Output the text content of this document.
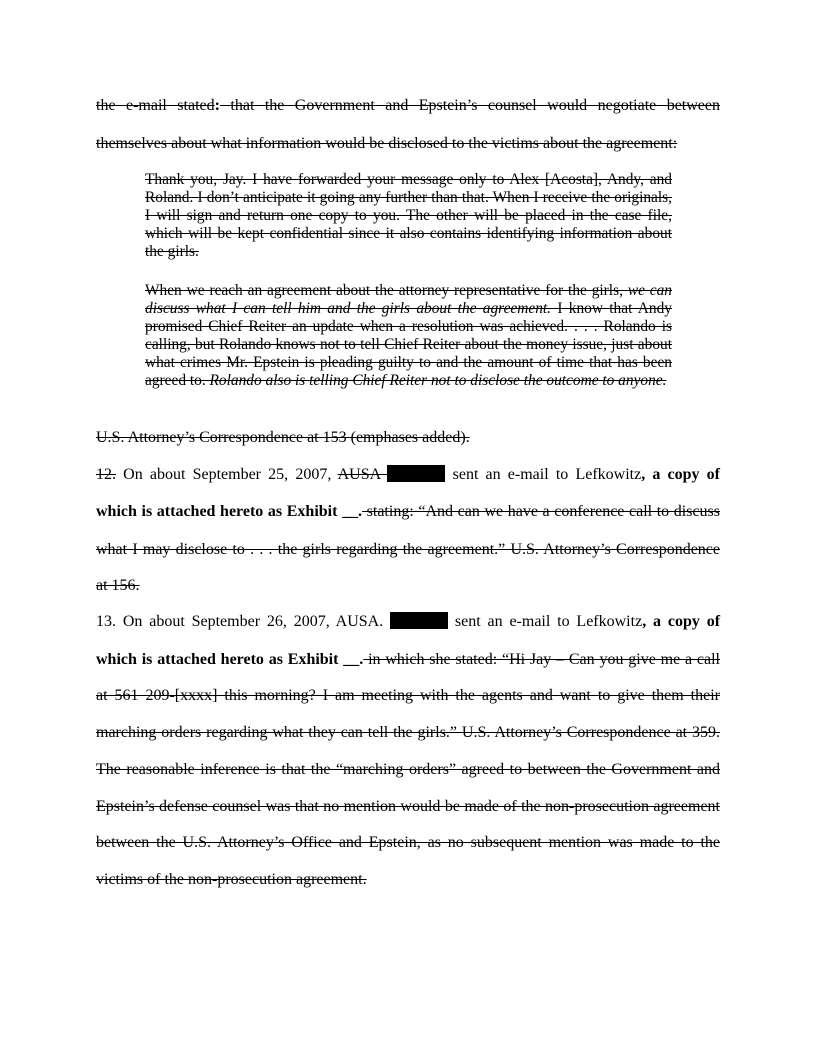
the e-mail stated: that the Government and Epstein’s counsel would negotiate between
themselves about what information would be disclosed to the victims about the agreement:
Thank you, Jay. I have forwarded your message only to Alex [Acosta], Andy, and Roland. I don’t anticipate it going any further than that. When I receive the originals, I will sign and return one copy to you. The other will be placed in the case file, which will be kept confidential since it also contains identifying information about the girls.
When we reach an agreement about the attorney representative for the girls, we can discuss what I can tell him and the girls about the agreement. I know that Andy promised Chief Reiter an update when a resolution was achieved. . . . Rolando is calling, but Rolando knows not to tell Chief Reiter about the money issue, just about what crimes Mr. Epstein is pleading guilty to and the amount of time that has been agreed to. Rolando also is telling Chief Reiter not to disclose the outcome to anyone.
U.S. Attorney’s Correspondence at 153 (emphases added).
12. On about September 25, 2007, AUSA	sent an e-mail to Lefkowitz, a copy of
which is attached hereto as Exhibit __. stating: “And can we have a conference call to discuss
what I may disclose to . . . the girls regarding the agreement.” U.S. Attorney’s Correspondence
at 156.
13. On about September 26, 2007, AUSA.	sent an e-mail to Lefkowitz, a copy of
which is attached hereto as Exhibit __. in which she stated: “Hi Jay – Can you give me a call
at 561 209-[xxxx] this morning? I am meeting with the agents and want to give them their
marching orders regarding what they can tell the girls.” U.S. Attorney’s Correspondence at 359.
The reasonable inference is that the “marching orders” agreed to between the Government and
Epstein’s defense counsel was that no mention would be made of the non-prosecution agreement
between the U.S. Attorney’s Office and Epstein, as no subsequent mention was made to the
victims of the non-prosecution agreement.
